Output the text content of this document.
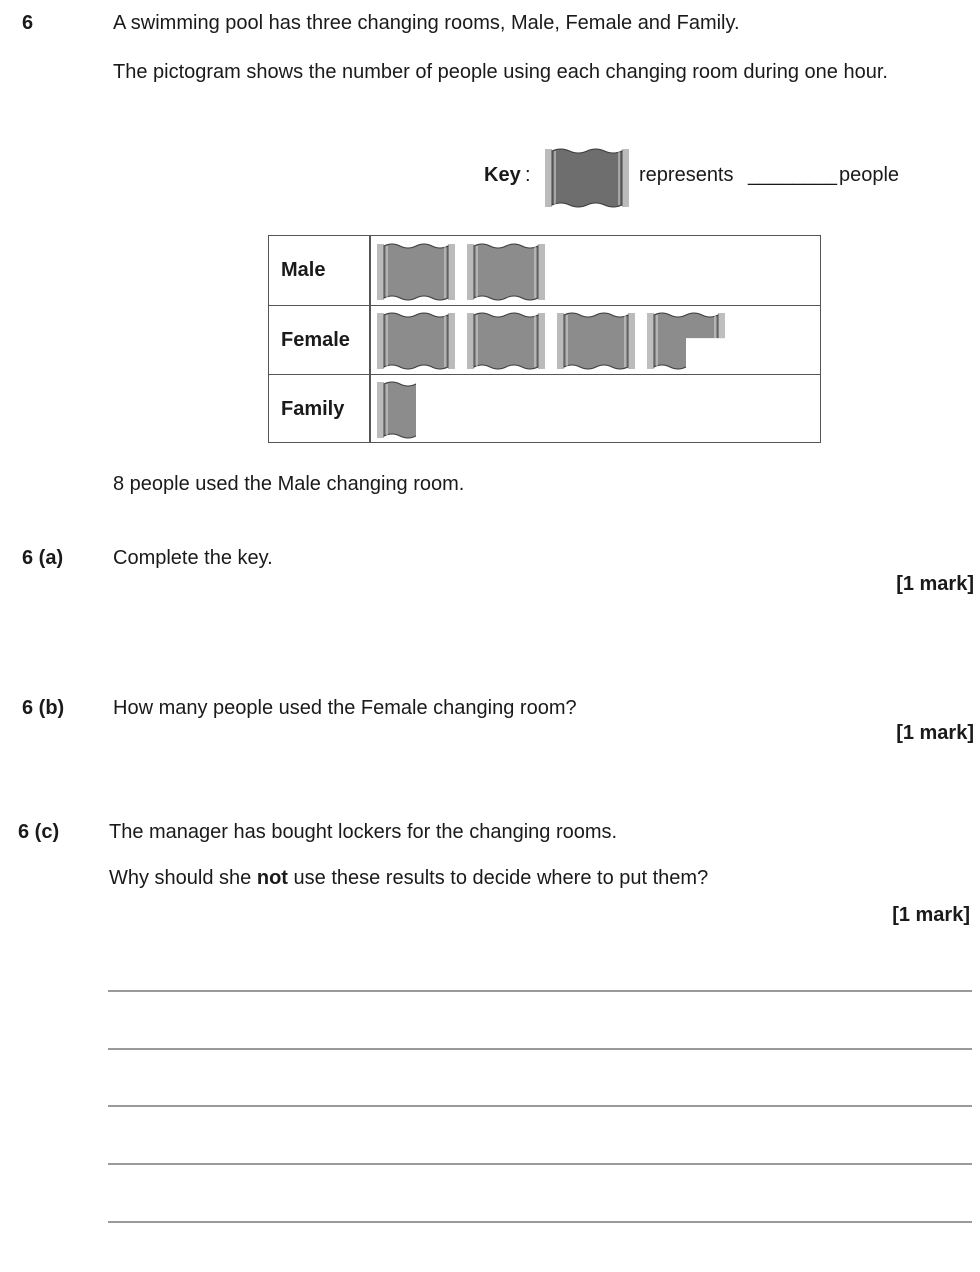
6	A swimming pool has three changing rooms, Male, Female and Family.
The pictogram shows the number of people using each changing room during one hour.
Key :	represents ________ people
Male
Female
Family
8 people used the Male changing room.
6 (a) Complete the key.
[1 mark]
6 (b) How many people used the Female changing room?
[1 mark]
6 (c) The manager has bought lockers for the changing rooms.
Why should she not use these results to decide where to put them?
[1 mark]
